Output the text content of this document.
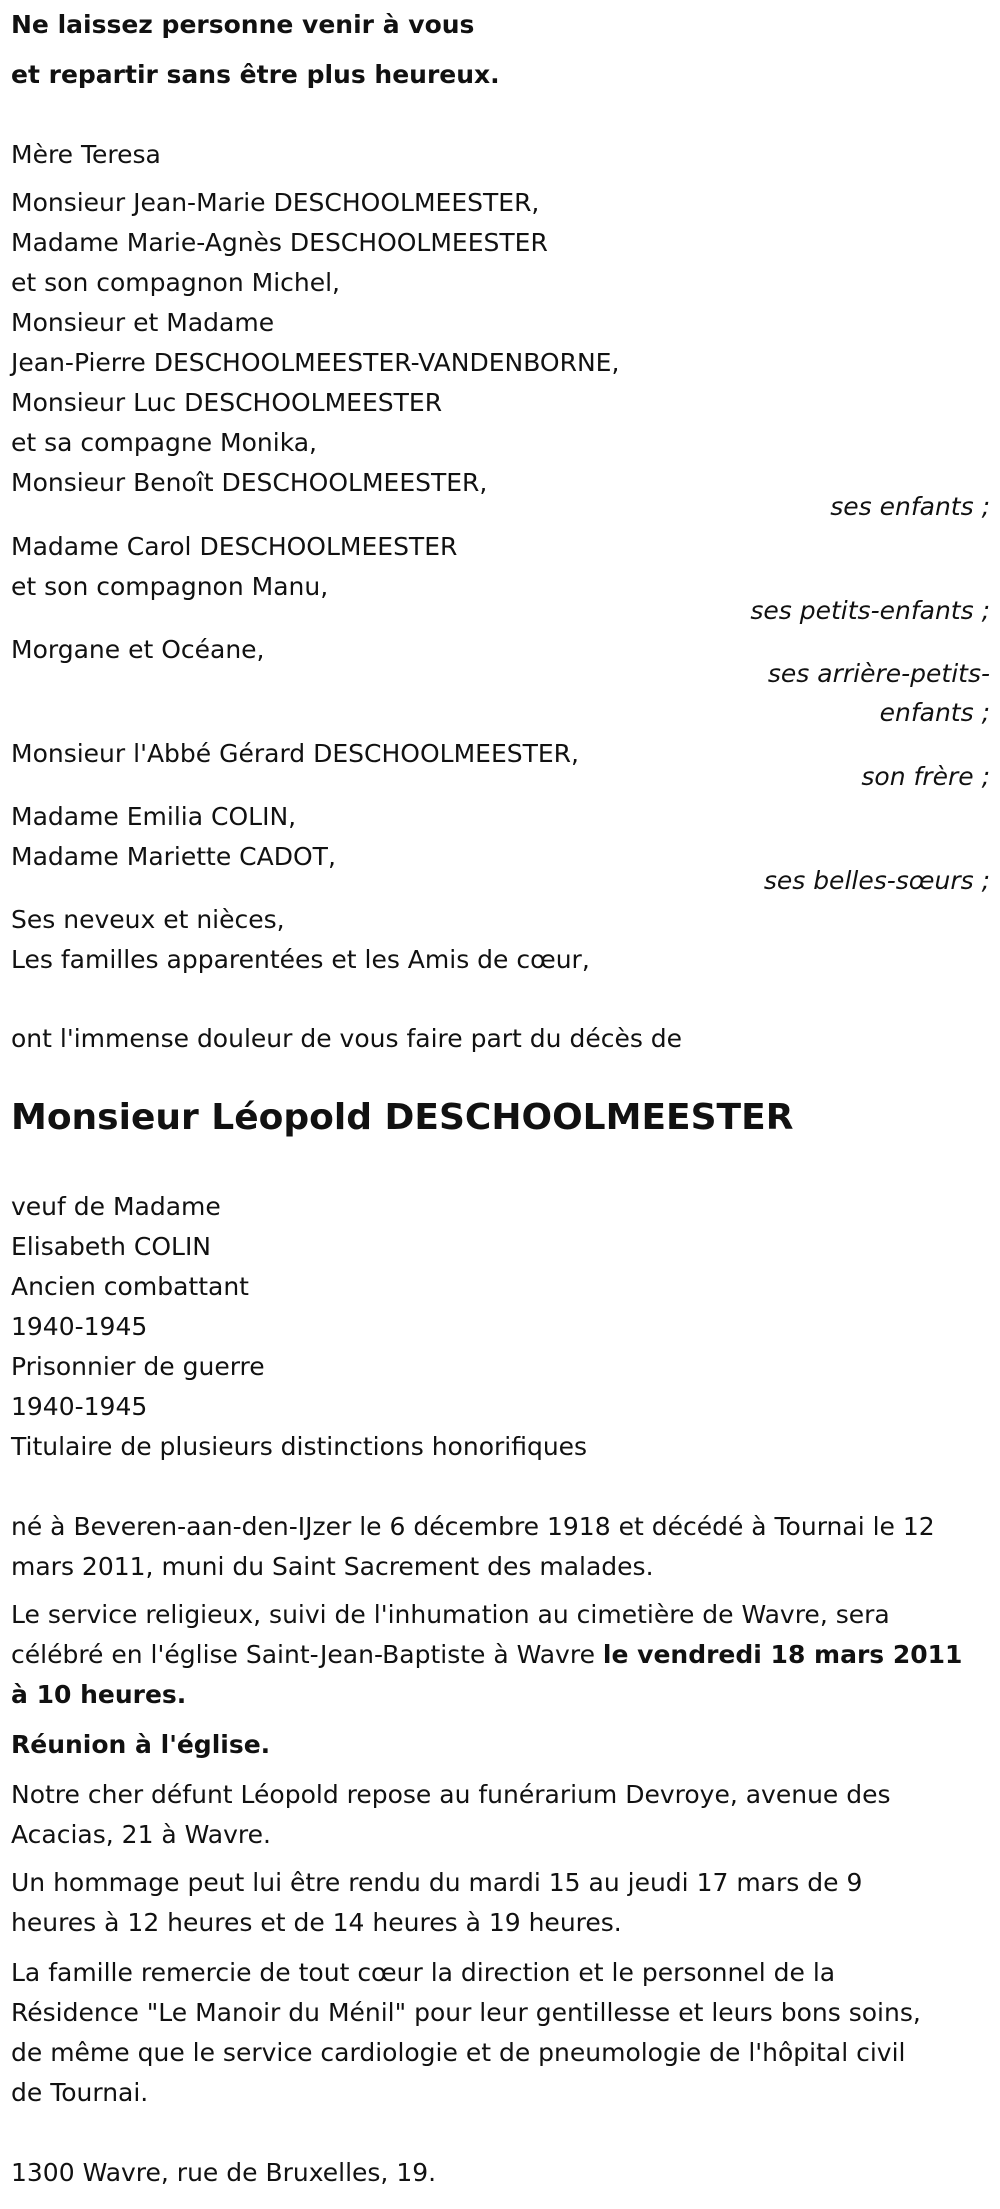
Ne laissez personne venir à vous

et repartir sans être plus heureux.

Mère Teresa

Monsieur Jean-Marie DESCHOOLMEESTER,

Madame Marie-Agnès DESCHOOLMEESTER

et son compagnon Michel,

Monsieur et Madame

Jean-Pierre DESCHOOLMEESTER-VANDENBORNE,

Monsieur Luc DESCHOOLMEESTER

et sa compagne Monika,

Monsieur Benoît DESCHOOLMEESTER,

ses enfants ;

Madame Carol DESCHOOLMEESTER

et son compagnon Manu,

ses petits-enfants ;

Morgane et Océane,

ses arrière-petits-

enfants ;

Monsieur l'Abbé Gérard DESCHOOLMEESTER,

son frère ;

Madame Emilia COLIN,

Madame Mariette CADOT,

ses belles-sœurs ;

Ses neveux et nièces,

Les familles apparentées et les Amis de cœur,

ont l'immense douleur de vous faire part du décès de

Monsieur Léopold DESCHOOLMEESTER

veuf de Madame

Elisabeth COLIN

Ancien combattant

1940-1945

Prisonnier de guerre

1940-1945

Titulaire de plusieurs distinctions honorifiques

né à Beveren-aan-den-IJzer le 6 décembre 1918 et décédé à Tournai le 12

mars 2011, muni du Saint Sacrement des malades.

Le service religieux, suivi de l'inhumation au cimetière de Wavre, sera

célébré en l'église Saint-Jean-Baptiste à Wavre le vendredi 18 mars 2011

à 10 heures.

Réunion à l'église.

Notre cher défunt Léopold repose au funérarium Devroye, avenue des

Acacias, 21 à Wavre.

Un hommage peut lui être rendu du mardi 15 au jeudi 17 mars de 9

heures à 12 heures et de 14 heures à 19 heures.

La famille remercie de tout cœur la direction et le personnel de la

Résidence "Le Manoir du Ménil" pour leur gentillesse et leurs bons soins,

de même que le service cardiologie et de pneumologie de l'hôpital civil

de Tournai.

1300 Wavre, rue de Bruxelles, 19.
